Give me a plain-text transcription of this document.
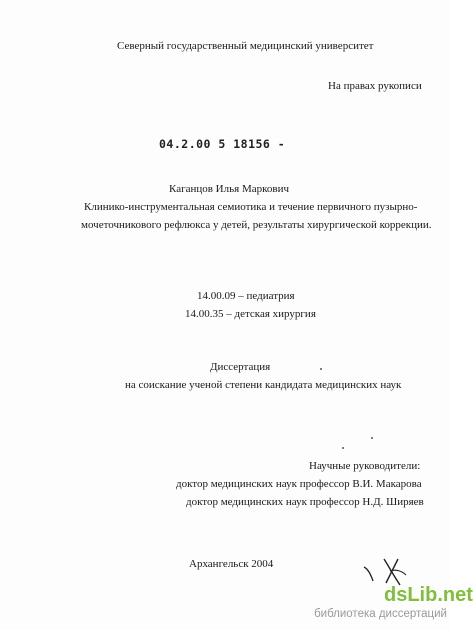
Северный государственный медицинский университет
На правах рукописи
04.2.00 5 18156 -
Каганцов Илья Маркович
Клинико-инструментальная семиотика и течение первичного пузырно-
мочеточникового рефлюкса у детей, результаты хирургической коррекции.
14.00.09 – педиатрия
14.00.35 – детская хирургия
Диссертация
на соискание ученой степени кандидата медицинских наук
Научные руководители:
доктор медицинских наук профессор В.И. Макарова
доктор медицинских наук профессор Н.Д. Ширяев
Архангельск 2004
dsLib.net
библиотека диссертаций
